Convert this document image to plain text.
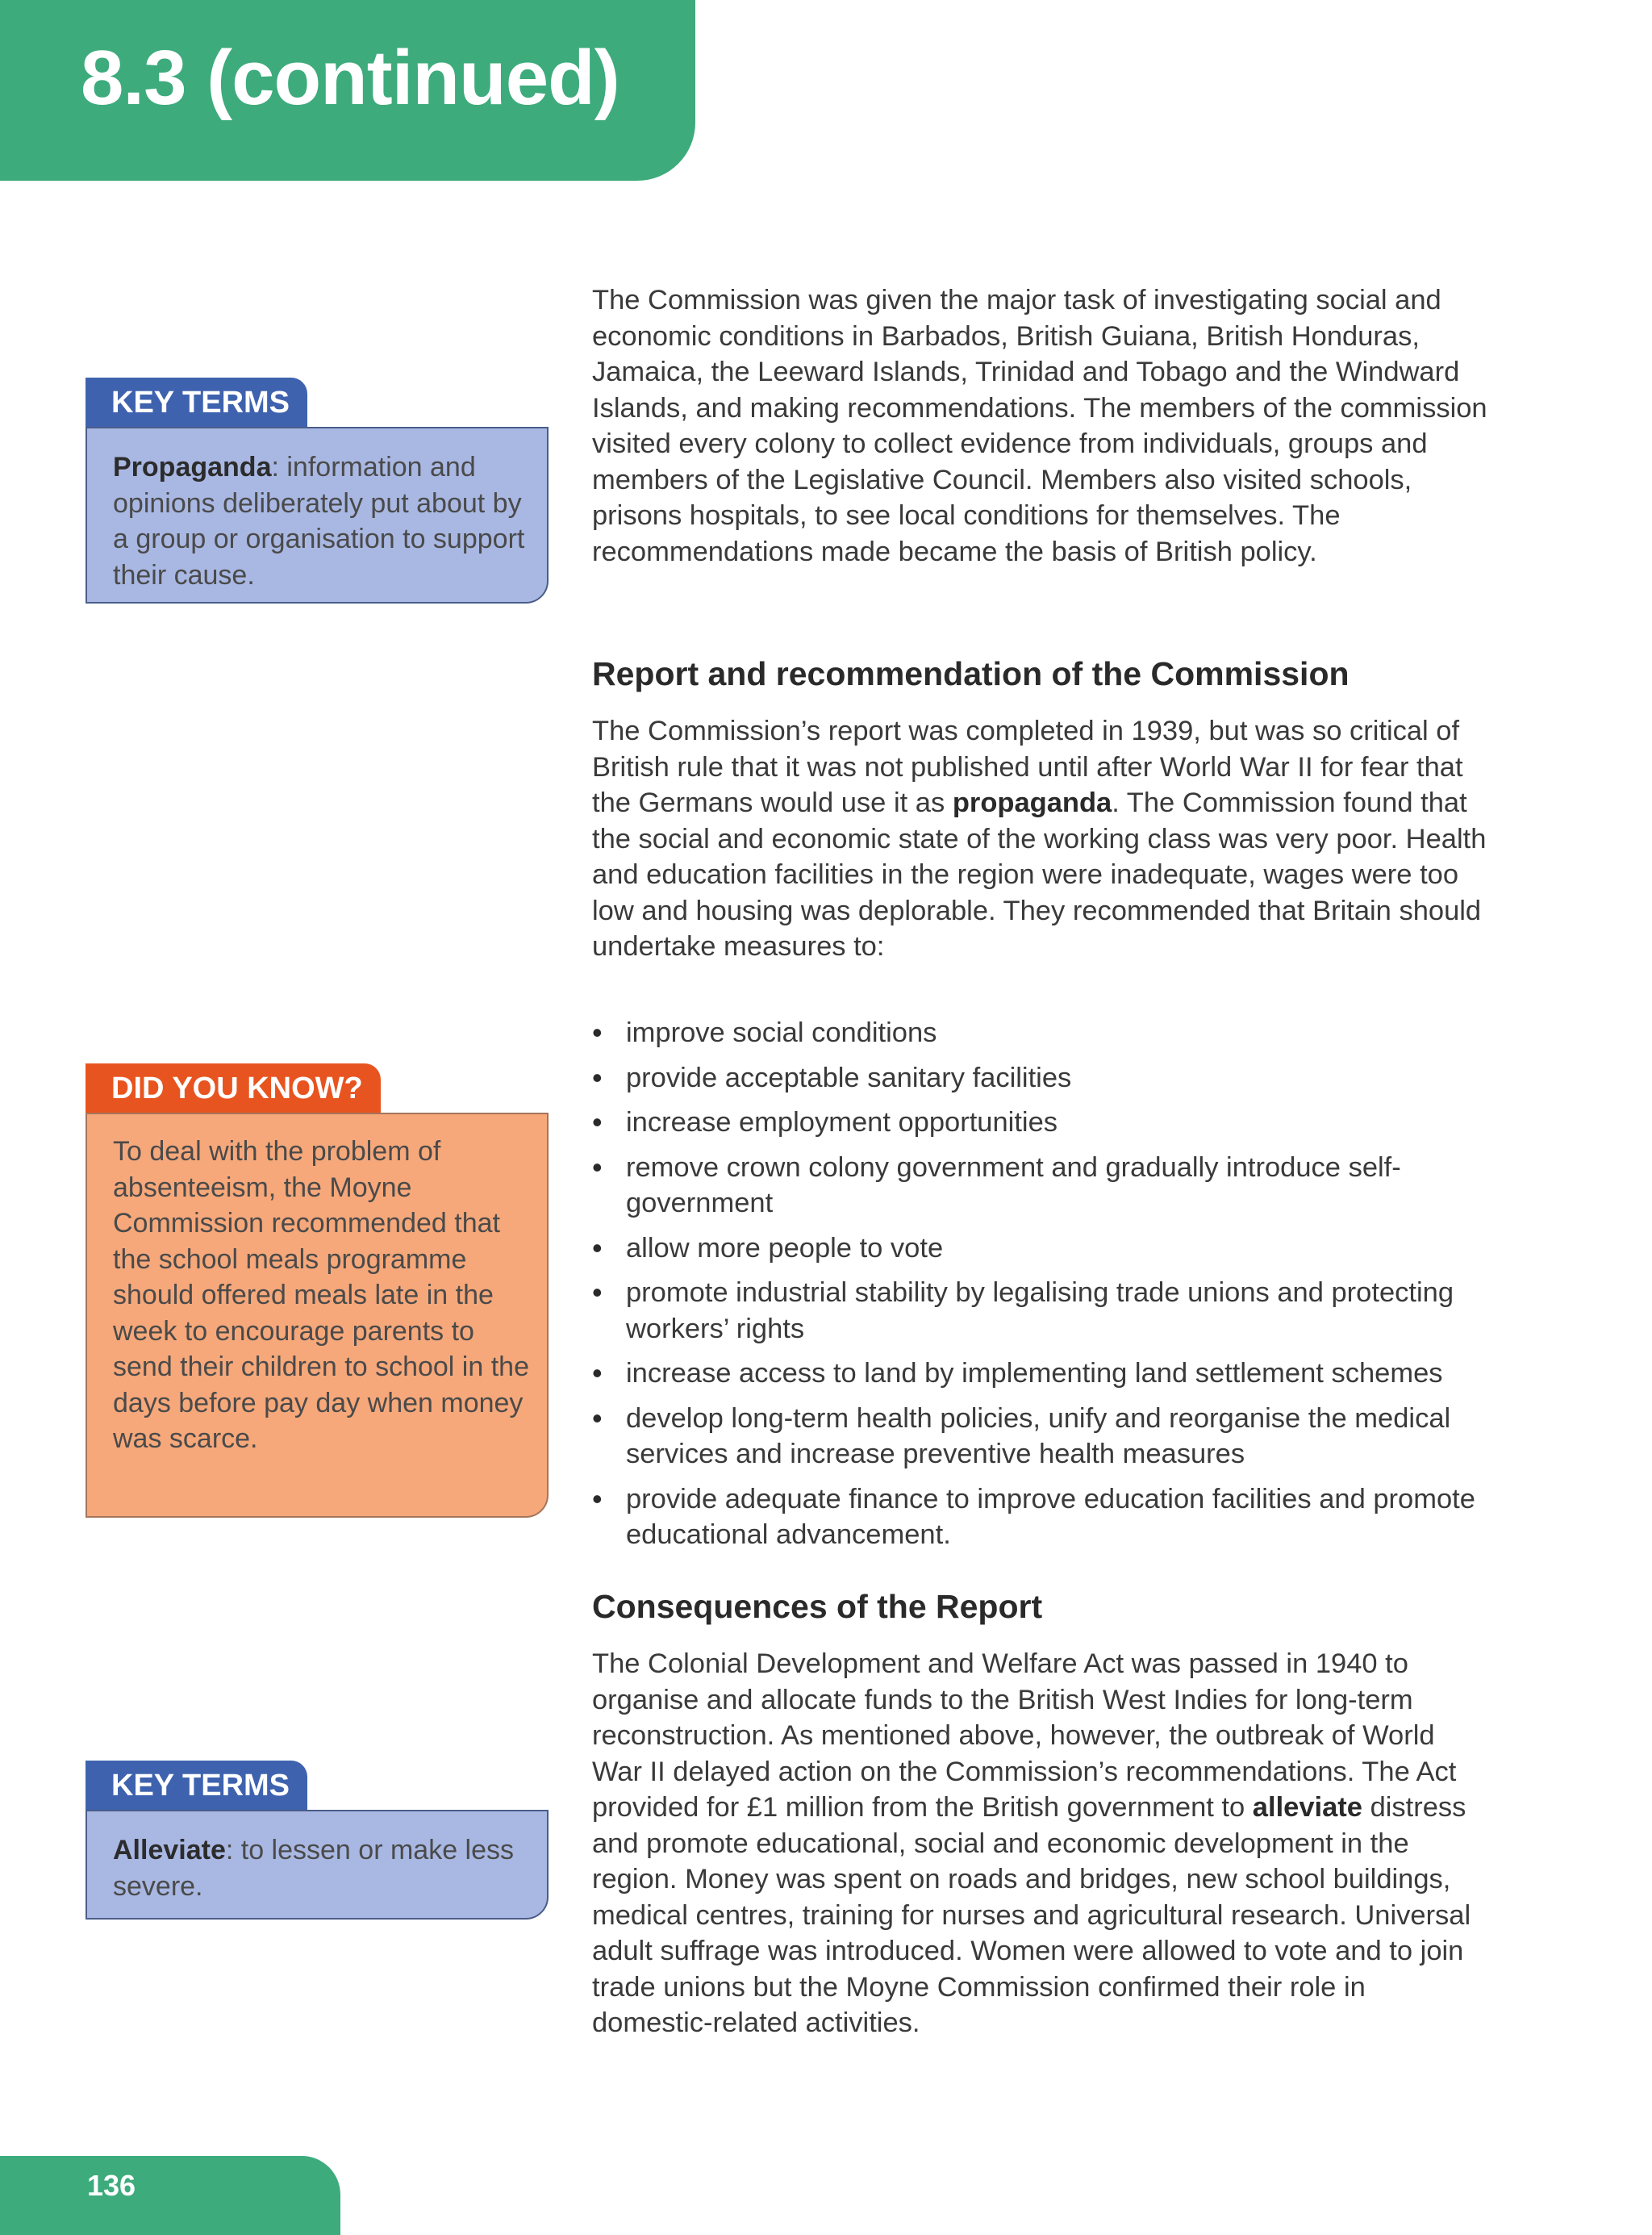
8.3 (continued)
KEY TERMS
Propaganda: information and opinions deliberately put about by a group or organisation to support their cause.
DID YOU KNOW?
To deal with the problem of absenteeism, the Moyne Commission recommended that the school meals programme should offered meals late in the week to encourage parents to send their children to school in the days before pay day when money was scarce.
KEY TERMS
Alleviate: to lessen or make less severe.

The Commission was given the major task of investigating social and economic conditions in Barbados, British Guiana, British Honduras, Jamaica, the Leeward Islands, Trinidad and Tobago and the Windward Islands, and making recommendations. The members of the commission visited every colony to collect evidence from individuals, groups and members of the Legislative Council. Members also visited schools, prisons hospitals, to see local conditions for themselves. The recommendations made became the basis of British policy.

Report and recommendation of the Commission

The Commission’s report was completed in 1939, but was so critical of British rule that it was not published until after World War II for fear that the Germans would use it as propaganda. The Commission found that the social and economic state of the working class was very poor. Health and education facilities in the region were inadequate, wages were too low and housing was deplorable. They recommended that Britain should undertake measures to:

• improve social conditions
• provide acceptable sanitary facilities
• increase employment opportunities
• remove crown colony government and gradually introduce self-government
• allow more people to vote
• promote industrial stability by legalising trade unions and protecting workers’ rights
• increase access to land by implementing land settlement schemes
• develop long-term health policies, unify and reorganise the medical services and increase preventive health measures
• provide adequate finance to improve education facilities and promote educational advancement.
Consequences of the Report

The Colonial Development and Welfare Act was passed in 1940 to organise and allocate funds to the British West Indies for long-term reconstruction. As mentioned above, however, the outbreak of World War II delayed action on the Commission’s recommendations. The Act provided for £1 million from the British government to alleviate distress and promote educational, social and economic development in the region. Money was spent on roads and bridges, new school buildings, medical centres, training for nurses and agricultural research. Universal adult suffrage was introduced. Women were allowed to vote and to join trade unions but the Moyne Commission confirmed their role in domestic-related activities.

136
